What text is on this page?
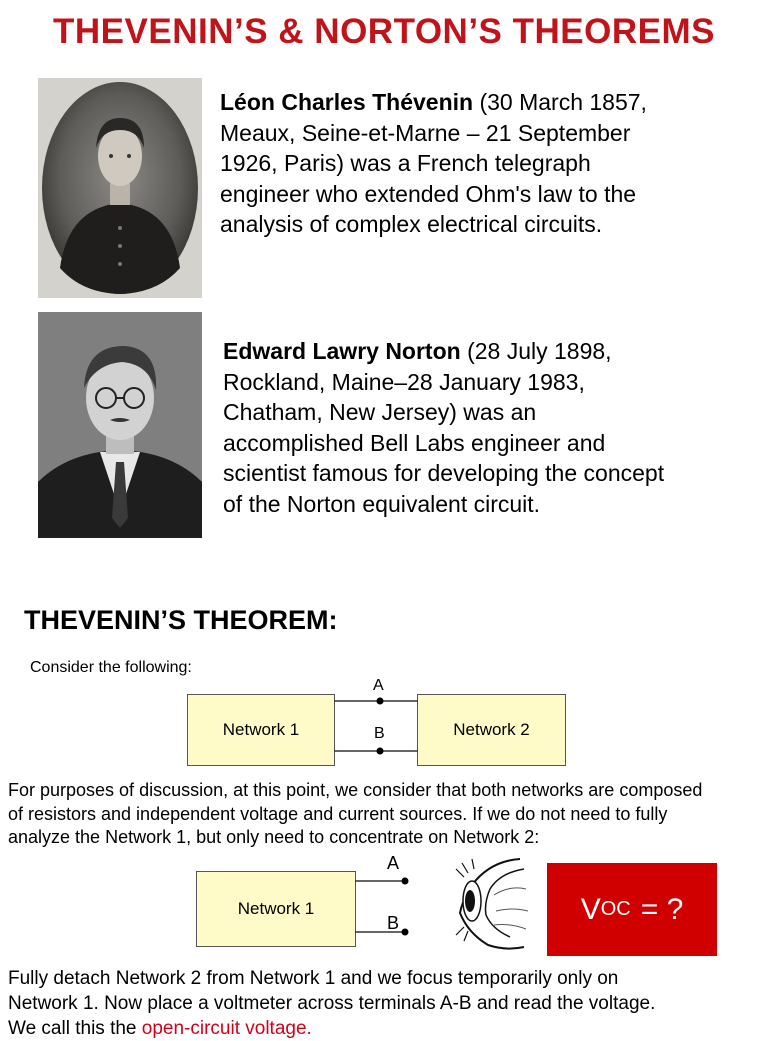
THEVENIN’S & NORTON’S THEOREMS
Léon Charles Thévenin (30 March 1857,
Meaux, Seine-et-Marne – 21 September
1926, Paris) was a French telegraph
engineer who extended Ohm's law to the
analysis of complex electrical circuits.
Edward Lawry Norton (28 July 1898,
Rockland, Maine–28 January 1983,
Chatham, New Jersey) was an
accomplished Bell Labs engineer and
scientist famous for developing the concept
of the Norton equivalent circuit.
THEVENIN’S THEOREM:
Consider the following:
Network 1	Network 2
A
B
For purposes of discussion, at this point, we consider that both networks are composed
of resistors and independent voltage and current sources. If we do not need to fully
analyze the Network 1, but only need to concentrate on Network 2:
Network 1
A
B	V OC = ?
Fully detach Network 2 from Network 1 and we focus temporarily only on
Network 1. Now place a voltmeter across terminals A-B and read the voltage.
We call this the open-circuit voltage.
